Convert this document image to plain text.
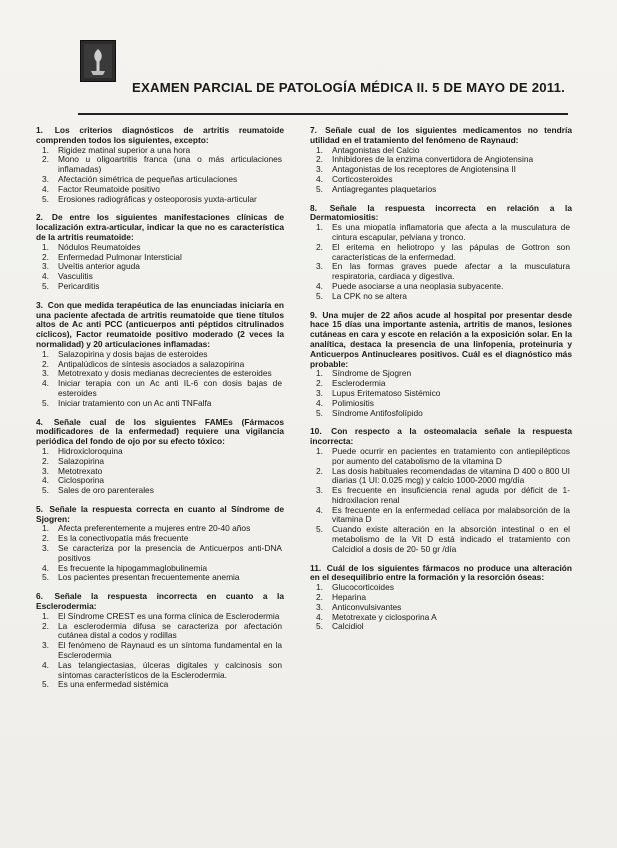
EXAMEN PARCIAL DE PATOLOGÍA MÉDICA II. 5 DE MAYO DE 2011.
1. Los criterios diagnósticos de artritis reumatoide comprenden todos los siguientes, excepto:
1. Rigidez matinal superior a una hora
2. Mono u oligoartritis franca (una o más articulaciones inflamadas)
3. Afectación simétrica de pequeñas articulaciones
4. Factor Reumatoide positivo
5. Erosiones radiográficas y osteoporosis yuxta-articular
2. De entre los siguientes manifestaciones clínicas de localización extra-articular, indicar la que no es característica de la artritis reumatoide:
1. Nódulos Reumatoides
2. Enfermedad Pulmonar Intersticial
3. Uveítis anterior aguda
4. Vasculitis
5. Pericarditis
3. Con que medida terapéutica de las enunciadas iniciaría en una paciente afectada de artritis reumatoide que tiene títulos altos de Ac anti PCC (anticuerpos anti péptidos citrulinados cíclicos), Factor reumatoide positivo moderado (2 veces la normalidad) y 20 articulaciones inflamadas:
1. Salazopirina y dosis bajas de esteroides
2. Antipalúdicos de síntesis asociados a salazopirina
3. Metotrexato y dosis medianas decrecientes de esteroides
4. Iniciar terapia con un Ac anti IL-6 con dosis bajas de esteroides
5. Iniciar tratamiento con un Ac anti TNFalfa
4. Señale cual de los siguientes FAMEs (Fármacos modificadores de la enfermedad) requiere una vigilancia periódica del fondo de ojo por su efecto tóxico:
1. Hidroxicloroquina
2. Salazopirina
3. Metotrexato
4. Ciclosporina
5. Sales de oro parenterales
5. Señale la respuesta correcta en cuanto al Síndrome de Sjogren:
1. Afecta preferentemente a mujeres entre 20-40 años
2. Es la conectivopatía más frecuente
3. Se caracteriza por la presencia de Anticuerpos anti-DNA positivos
4. Es frecuente la hipogammaglobulinemia
5. Los pacientes presentan frecuentemente anemia
6. Señale la respuesta incorrecta en cuanto a la Esclerodermia:
1. El Síndrome CREST es una forma clínica de Esclerodermia
2. La esclerodermia difusa se caracteriza por afectación cutánea distal a codos y rodillas
3. El fenómeno de Raynaud es un síntoma fundamental en la Esclerodermia
4. Las telangiectasias, úlceras digitales y calcinosis son síntomas característicos de la Esclerodermia.
5. Es una enfermedad sistémica
7. Señale cual de los siguientes medicamentos no tendría utilidad en el tratamiento del fenómeno de Raynaud:
1. Antagonistas del Calcio
2. Inhibidores de la enzima convertidora de Angiotensina
3. Antagonistas de los receptores de Angiotensina II
4. Corticosteroides
5. Antiagregantes plaquetarios
8. Señale la respuesta incorrecta en relación a la Dermatomiositis:
1. Es una miopatía inflamatoria que afecta a la musculatura de cintura escapular, pelviana y tronco.
2. El eritema en heliotropo y las pápulas de Gottron son características de la enfermedad.
3. En las formas graves puede afectar a la musculatura respiratoria, cardiaca y digestiva.
4. Puede asociarse a una neoplasia subyacente.
5. La CPK no se altera
9. Una mujer de 22 años acude al hospital por presentar desde hace 15 días una importante astenia, artritis de manos, lesiones cutáneas en cara y escote en relación a la exposición solar. En la analítica, destaca la presencia de una linfopenia, proteinuria y Anticuerpos Antinucleares positivos. Cuál es el diagnóstico más probable:
1. Síndrome de Sjogren
2. Esclerodermia
3. Lupus Eritematoso Sistémico
4. Polimiositis
5. Síndrome Antifosfolípido
10. Con respecto a la osteomalacia señale la respuesta incorrecta:
1. Puede ocurrir en pacientes en tratamiento con antiepilépticos por aumento del catabolismo de la vitamina D
2. Las dosis habituales recomendadas de vitamina D 400 o 800 UI diarias (1 UI: 0.025 mcg) y calcio 1000-2000 mg/día
3. Es frecuente en insuficiencia renal aguda por déficit de 1-hidroxilacion renal
4. Es frecuente en la enfermedad celíaca por malabsorción de la vitamina D
5. Cuando existe alteración en la absorción intestinal o en el metabolismo de la Vit D está indicado el tratamiento con Calcidiol a dosis de 20- 50 gr /día
11. Cuál de los siguientes fármacos no produce una alteración en el desequilibrio entre la formación y la resorción óseas:
1. Glucocorticoides
2. Heparina
3. Anticonvulsivantes
4. Metotrexate y ciclosporina A
5. Calcidiol
